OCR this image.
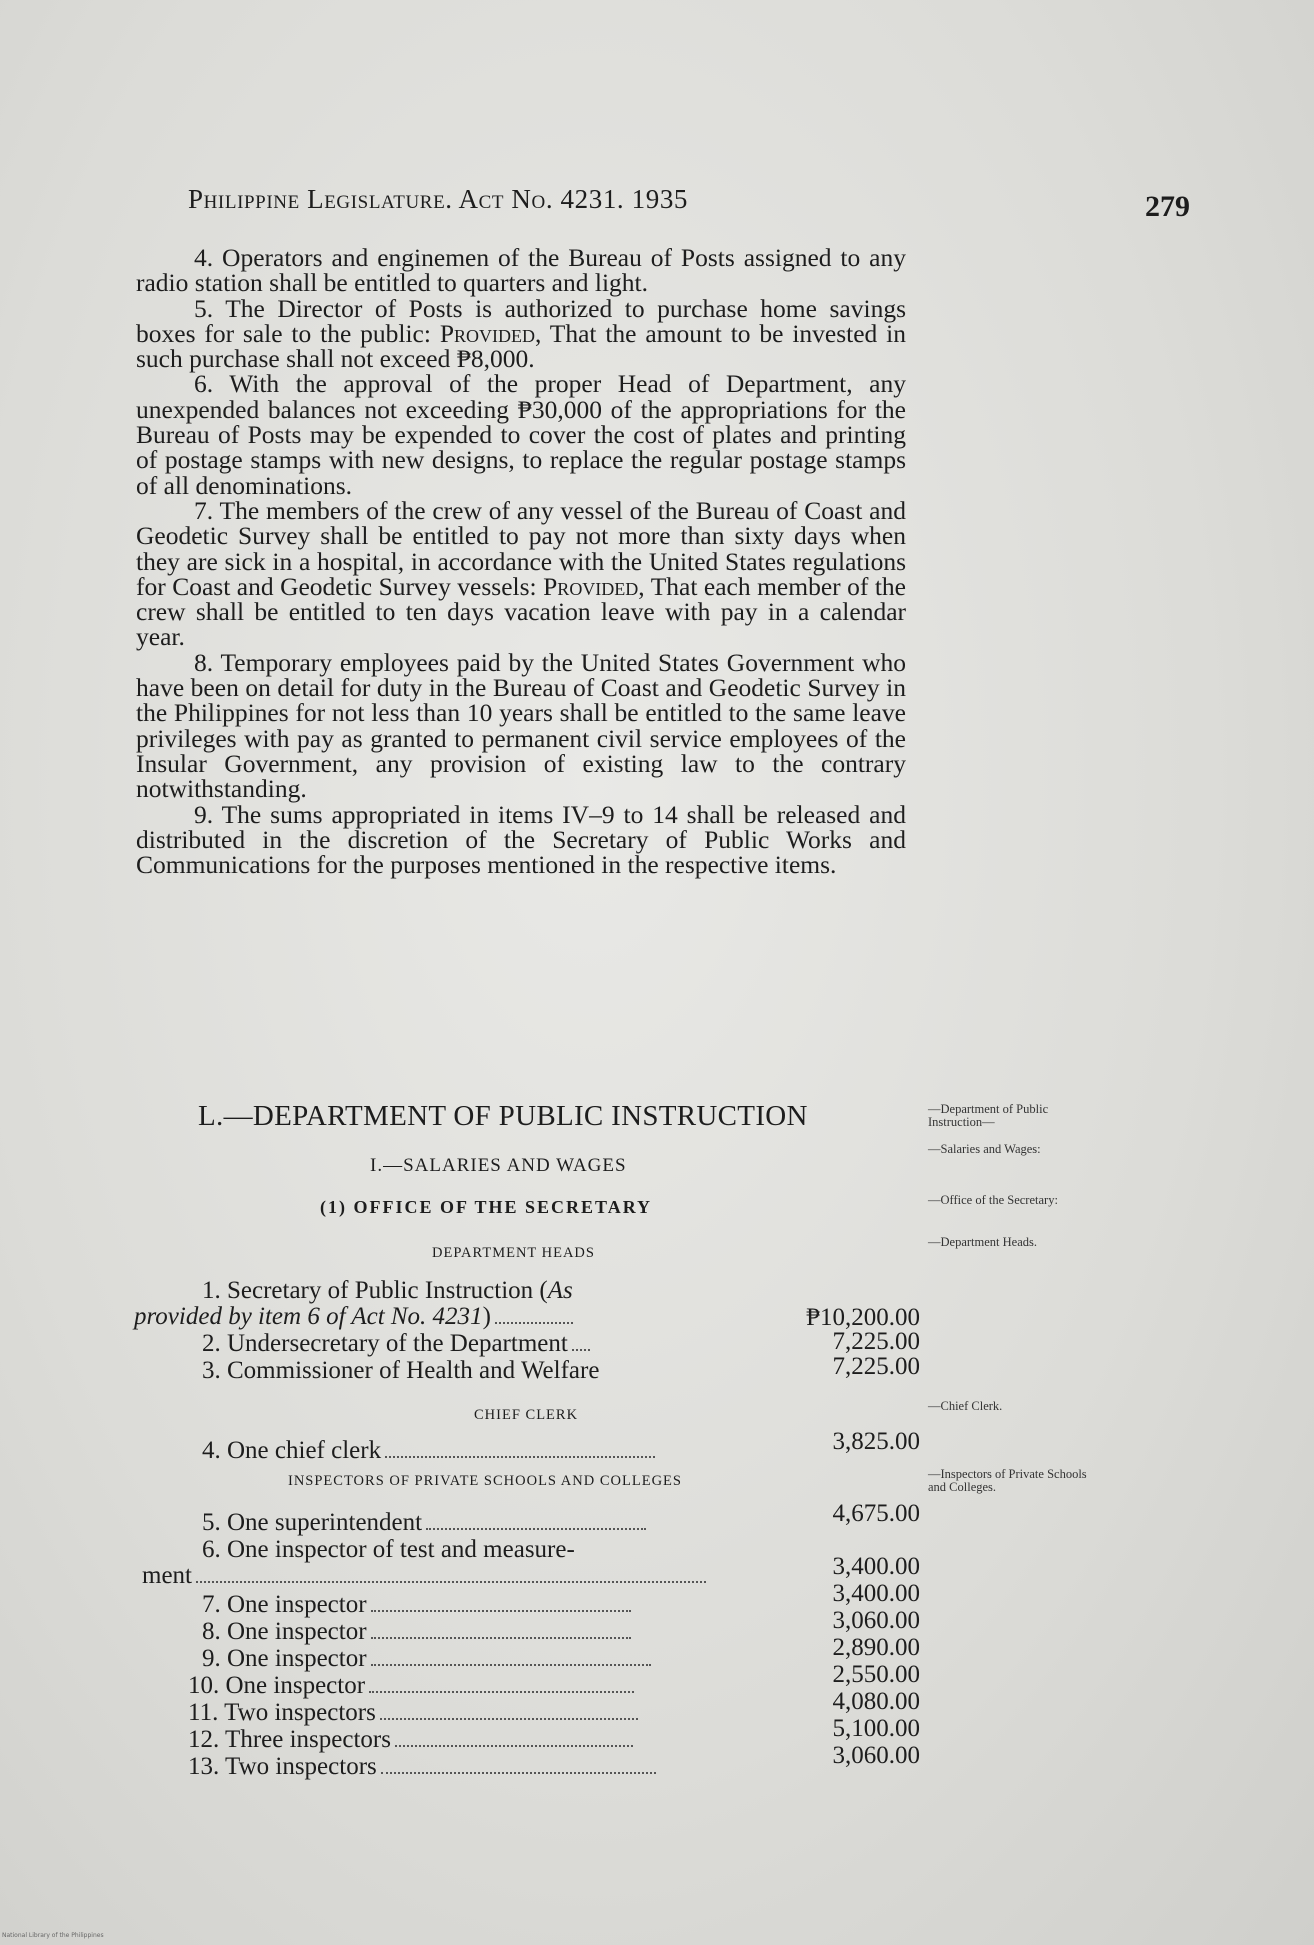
Philippine Legislature. Act No. 4231. 1935	279

4. Operators and enginemen of the Bureau of Posts assigned to any radio station shall be entitled to quarters and light.

5. The Director of Posts is authorized to purchase home savings boxes for sale to the public: Provided, That the amount to be invested in such purchase shall not exceed ₱8,000.

6. With the approval of the proper Head of Department, any unexpended balances not exceeding ₱30,000 of the appropriations for the Bureau of Posts may be expended to cover the cost of plates and printing of postage stamps with new designs, to replace the regular postage stamps of all denominations.

7. The members of the crew of any vessel of the Bureau of Coast and Geodetic Survey shall be entitled to pay not more than sixty days when they are sick in a hospital, in accordance with the United States regulations for Coast and Geodetic Survey vessels: Provided, That each member of the crew shall be entitled to ten days vacation leave with pay in a calendar year.

8. Temporary employees paid by the United States Government who have been on detail for duty in the Bureau of Coast and Geodetic Survey in the Philippines for not less than 10 years shall be entitled to the same leave privileges with pay as granted to permanent civil service employees of the Insular Government, any provision of existing law to the contrary notwithstanding.

9. The sums appropriated in items IV–9 to 14 shall be released and distributed in the discretion of the Secretary of Public Works and Communications for the purposes mentioned in the respective items.

L.—DEPARTMENT OF PUBLIC INSTRUCTION
I.—SALARIES AND WAGES
(1) OFFICE OF THE SECRETARY
DEPARTMENT HEADS
1. Secretary of Public Instruction (As
provided by item 6 of Act No. 4231)	₱10,200.00
2. Undersecretary of the Department	7,225.00
3. Commissioner of Health and Welfare	7,225.00
CHIEF CLERK
4. One chief clerk	3,825.00
INSPECTORS OF PRIVATE SCHOOLS AND COLLEGES
5. One superintendent	4,675.00
6. One inspector of test and measure-
ment	3,400.00
7. One inspector	3,400.00
8. One inspector	3,060.00
9. One inspector	2,890.00
10. One inspector	2,550.00
11. Two inspectors	4,080.00
12. Three inspectors	5,100.00
13. Two inspectors	3,060.00
—Department of Public Instruction—
—Salaries and Wages:
—Office of the Secretary:
—Department Heads.
—Chief Clerk.
—Inspectors of Private Schools and Colleges.
National Library of the Philippines
